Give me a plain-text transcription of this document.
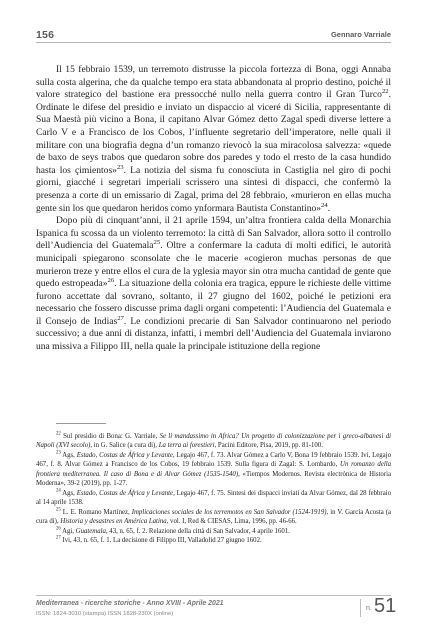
156	Gennaro Varriale

Il 15 febbraio 1539, un terremoto distrusse la piccola fortezza di Bona, oggi Annaba sulla costa algerina, che da qualche tempo era stata abbandonata al proprio destino, poiché il valore strategico del bastione era pressocché nullo nella guerra contro il Gran Turco$^{22}$. Ordinate le difese del presidio e inviato un dispaccio al viceré di Sicilia, rappresentante di Sua Maestà più vicino a Bona, il capitano Alvar Gómez detto Zagal spedì diverse lettere a Carlo V e a Francisco de los Cobos, l’influente segretario dell’imperatore, nelle quali il militare con una biografia degna d’un romanzo rievocò la sua miracolosa salvezza: «quede de baxo de seys trabos que quedaron sobre dos paredes y todo el rresto de la casa hundido hasta los çimientos»$^{23}$. La notizia del sisma fu conosciuta in Castiglia nel giro di pochi giorni, giacché i segretari imperiali scrissero una sintesi di dispacci, che confermò la presenza a corte di un emissario di Zagal, prima del 28 febbraio, «murieron en ellas mucha gente sin los que quedaron heridos como ynformara Bautista Constantino»$^{24}$.

Dopo più di cinquant’anni, il 21 aprile 1594, un’altra frontiera calda della Monarchia Ispanica fu scossa da un violento terremoto: la città di San Salvador, allora sotto il controllo dell’Audiencia del Guatemala$^{25}$. Oltre a confermare la caduta di molti edifici, le autorità municipali spiegarono sconsolate che le macerie «cogieron muchas personas de que murieron treze y entre ellos el cura de la yglesia mayor sin otra mucha cantidad de gente que quedo estropeada»$^{26}$. La situazione della colonia era tragica, eppure le richieste delle vittime furono accettate dal sovrano, soltanto, il 27 giugno del 1602, poiché le petizioni era necessario che fossero discusse prima dagli organi competenti: l’Audiencia del Guatemala e il Consejo de Indias$^{27}$. Le condizioni precarie di San Salvador continuarono nel periodo successivo; a due anni di distanza, infatti, i membri dell’Audiencia del Guatemala inviarono una missiva a Filippo III, nella quale la principale istituzione della regione

$^{22}$ Sul presidio di Bona: G. Varriale, Se li mandassimo in Africa? Un progetto di colonizzazione per i greco-albanesi di Napoli (XVI secolo), in G. Salice (a cura di), La terra ai forestieri, Pacini Editore, Pisa, 2019, pp. 81-100.

$^{23}$ Ags, Estado, Costas de África y Levante, Legajo 467, f. 73. Alvar Gómez a Carlo V, Bona 19 febbraio 1539. Ivi, Legajo 467, f. 8. Alvar Gómez a Francisco de los Cobos, 19 febbraio 1539. Sulla figura di Zagal: S. Lombardo, Un romanzo della frontiera mediterranea. Il caso di Bona e di Alvar Gómez (1535-1540), «Tiempos Modernos. Revista electrónica de Historia Moderna», 39-2 (2019), pp. 1-27.

$^{24}$ Ags, Estado, Costas de África y Levante, Legajo 467, f. 75. Sintesi dei dispacci inviati da Alvar Gómez, dal 28 febbraio al 14 aprile 1538.

$^{25}$ L. E. Romano Martínez, Implicaciones sociales de los terremotos en San Salvador (1524-1919), in V. García Acosta (a cura di), Historia y desastres en América Latina, vol. I, Red & CIESAS, Lima, 1996, pp. 46-66.

$^{26}$ Agi, Guatemala, 43, n. 65, f. 2. Relazione della città di San Salvador, 4 aprile 1601.

$^{27}$ Ivi, 43, n. 65, f. 1. La decisione di Filippo III, Valladolid 27 giugno 1602.

Mediterranea - ricerche storiche - Anno XVIII - Aprile 2021
ISSN: 1824-3010 (stampa) ISSN 1828-230X (online)
n. 51
